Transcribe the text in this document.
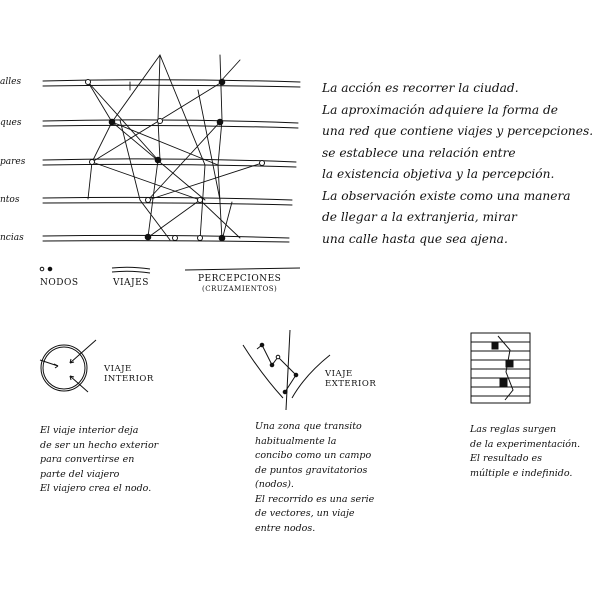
alles
ques
pares
ntos
ncias
La acción es recorrer la ciudad.
La aproximación adquiere la forma de
una red que contiene viajes y percepciones.
se establece una relación entre
la existencia objetiva y la percepción.
La observación existe como una manera
de llegar a la extranjeria, mirar
una calle hasta que sea ajena.
NODOS	VIAJES	PERCEPCIONES
(CRUZAMIENTOS)
VIAJE
INTERIOR
El viaje interior deja
de ser un hecho exterior
para convertirse en
parte del viajero
El viajero crea el nodo.
VIAJE
EXTERIOR
Una zona que transito
habitualmente la
concibo como un campo
de puntos gravitatorios
(nodos).
El recorrido es una serie
de vectores, un viaje
entre nodos.
Las reglas surgen
de la experimentación.
El resultado es
múltiple e indefinido.
